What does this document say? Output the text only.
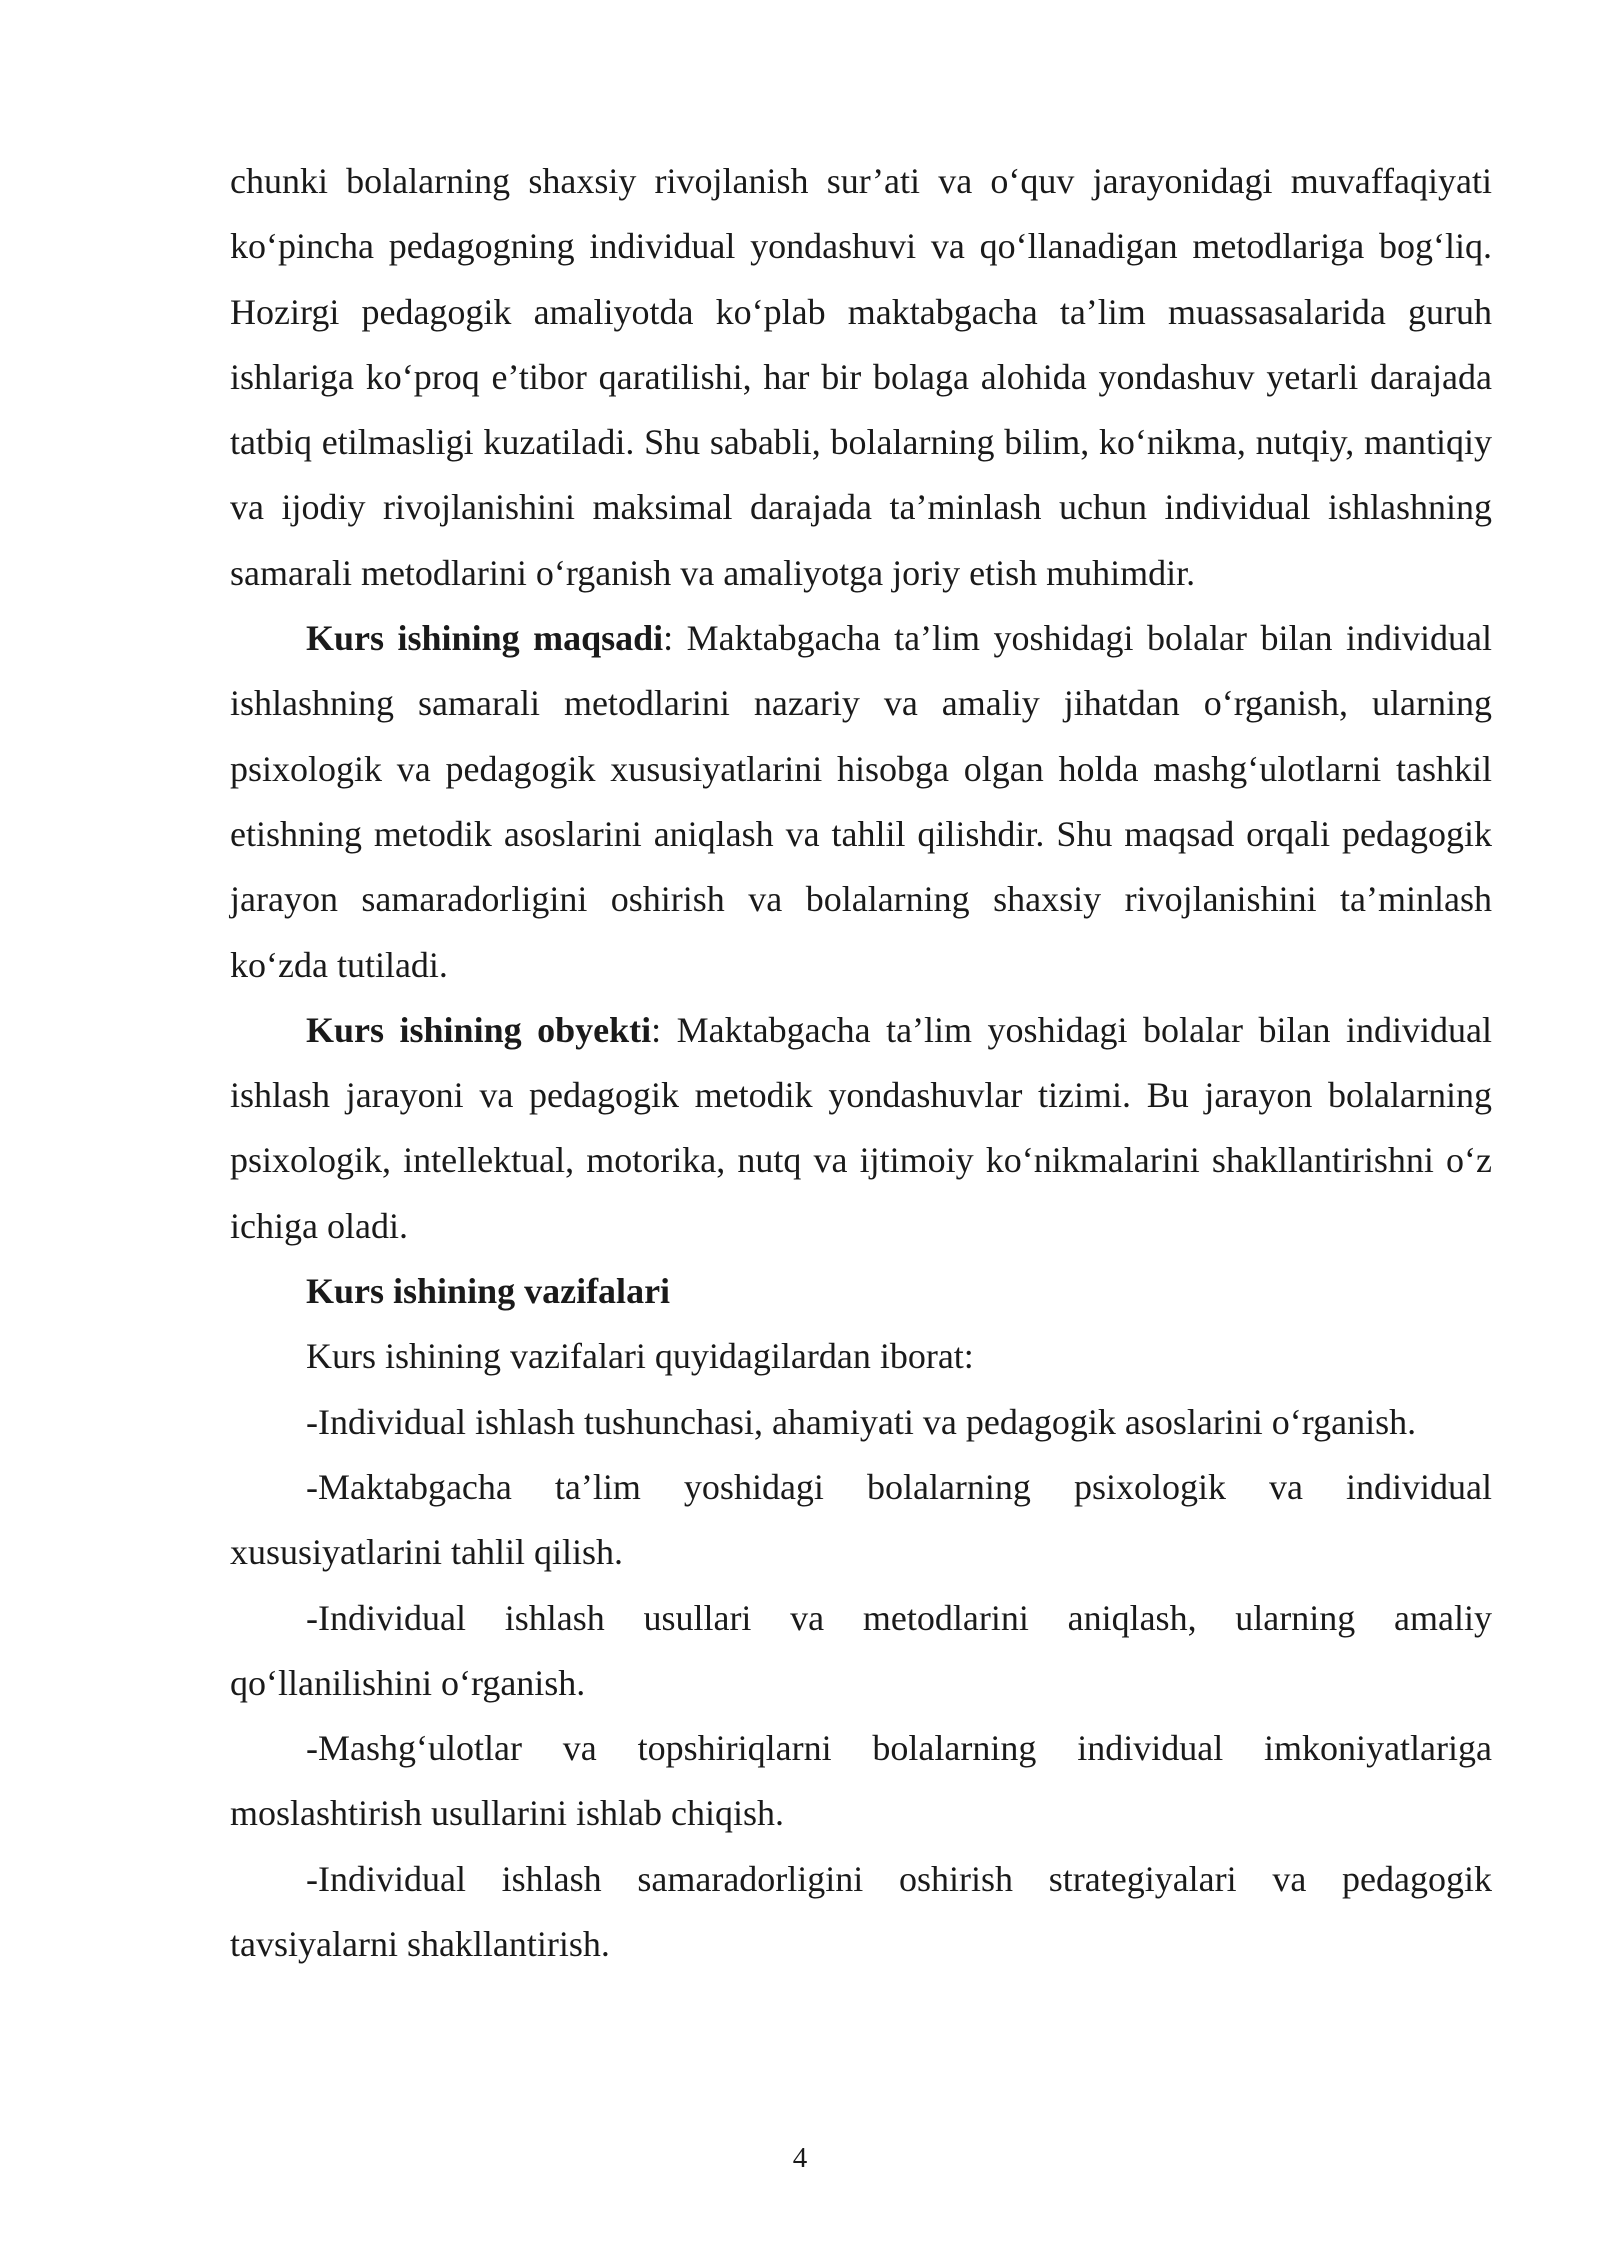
chunki bolalarning shaxsiy rivojlanish sur’ati va o‘quv jarayonidagi muvaffaqiyati ko‘pincha pedagogning individual yondashuvi va qo‘llanadigan metodlariga bog‘liq. Hozirgi pedagogik amaliyotda ko‘plab maktabgacha ta’lim muassasalarida guruh ishlariga ko‘proq e’tibor qaratilishi, har bir bolaga alohida yondashuv yetarli darajada tatbiq etilmasligi kuzatiladi. Shu sababli, bolalarning bilim, ko‘nikma, nutqiy, mantiqiy va ijodiy rivojlanishini maksimal darajada ta’minlash uchun individual ishlashning samarali metodlarini o‘rganish va amaliyotga joriy etish muhimdir.

Kurs ishining maqsadi: Maktabgacha ta’lim yoshidagi bolalar bilan individual ishlashning samarali metodlarini nazariy va amaliy jihatdan o‘rganish, ularning psixologik va pedagogik xususiyatlarini hisobga olgan holda mashg‘ulotlarni tashkil etishning metodik asoslarini aniqlash va tahlil qilishdir. Shu maqsad orqali pedagogik jarayon samaradorligini oshirish va bolalarning shaxsiy rivojlanishini ta’minlash ko‘zda tutiladi.

Kurs ishining obyekti: Maktabgacha ta’lim yoshidagi bolalar bilan individual ishlash jarayoni va pedagogik metodik yondashuvlar tizimi. Bu jarayon bolalarning psixologik, intellektual, motorika, nutq va ijtimoiy ko‘nikmalarini shakllantirishni o‘z ichiga oladi.

Kurs ishining vazifalari

Kurs ishining vazifalari quyidagilardan iborat:

-Individual ishlash tushunchasi, ahamiyati va pedagogik asoslarini o‘rganish.

-Maktabgacha ta’lim yoshidagi bolalarning psixologik va individual xususiyatlarini tahlil qilish.

-Individual ishlash usullari va metodlarini aniqlash, ularning amaliy qo‘llanilishini o‘rganish.

-Mashg‘ulotlar va topshiriqlarni bolalarning individual imkoniyatlariga moslashtirish usullarini ishlab chiqish.

-Individual ishlash samaradorligini oshirish strategiyalari va pedagogik tavsiyalarni shakllantirish.

4
